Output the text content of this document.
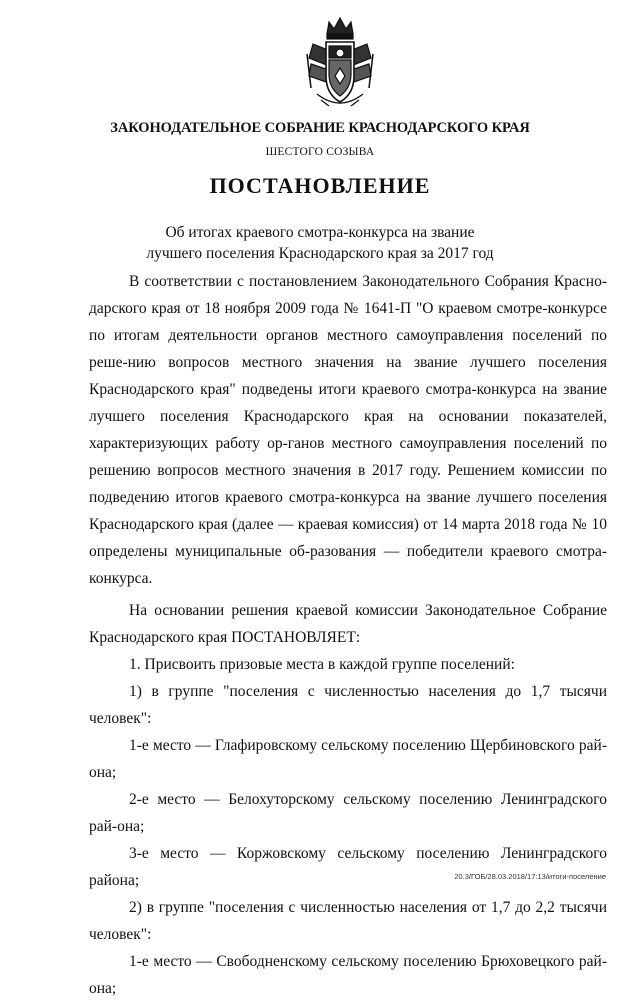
ЗАКОНОДАТЕЛЬНОЕ СОБРАНИЕ КРАСНОДАРСКОГО КРАЯ
ШЕСТОГО СОЗЫВА
ПОСТАНОВЛЕНИЕ
Об итогах краевого смотра-конкурса на звание
лучшего поселения Краснодарского края за 2017 год

В соответствии с постановлением Законодательного Собрания Красно-дарского края от 18 ноября 2009 года № 1641-П "О краевом смотре-конкурсе по итогам деятельности органов местного самоуправления поселений по реше-нию вопросов местного значения на звание лучшего поселения Краснодарского края" подведены итоги краевого смотра-конкурса на звание лучшего поселения Краснодарского края на основании показателей, характеризующих работу ор-ганов местного самоуправления поселений по решению вопросов местного значения в 2017 году. Решением комиссии по подведению итогов краевого смотра-конкурса на звание лучшего поселения Краснодарского края (далее — краевая комиссия) от 14 марта 2018 года № 10 определены муниципальные об-разования — победители краевого смотра-конкурса.

На основании решения краевой комиссии Законодательное Собрание Краснодарского края ПОСТАНОВЛЯЕТ:

1. Присвоить призовые места в каждой группе поселений:

1) в группе "поселения с численностью населения до 1,7 тысячи человек":

1-е место — Глафировскому сельскому поселению Щербиновского рай-она;

2-е место — Белохуторскому сельскому поселению Ленинградского рай-она;

3-е место — Коржовскому сельскому поселению Ленинградского района;

2) в группе "поселения с численностью населения от 1,7 до 2,2 тысячи человек":

1-е место — Свободненскому сельскому поселению Брюховецкого рай-она;

20.3/ГОБ/28.03.2018/17:13/итоги-поселение
